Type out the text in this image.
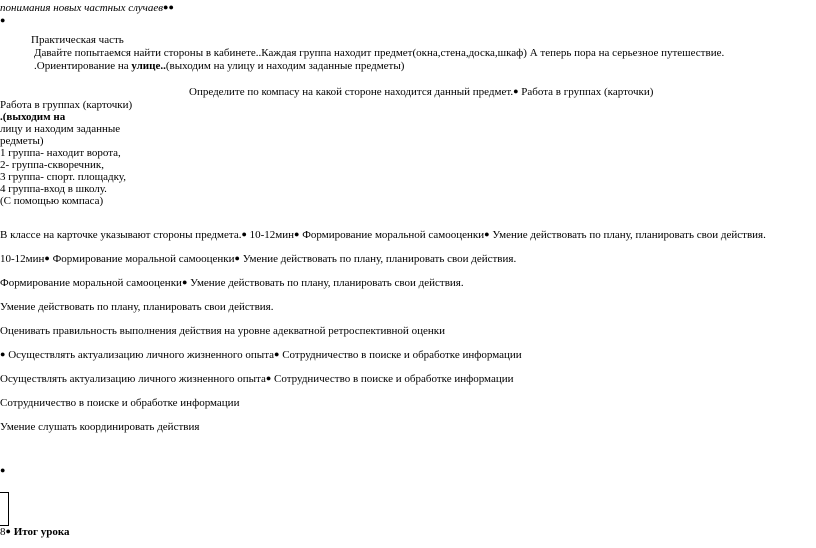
понимания новых частных случаев●●
●
Практическая часть
Давайте попытаемся найти стороны в кабинете..Каждая группа находит предмет(окна,стена,доска,шкаф) А теперь пора на серьезное путешествие.
.Ориентирование на улице..(выходим на улицу и находим заданные предметы)
Определите по компасу на какой стороне находится данный предмет.● Работа в группах (карточки)
Работа в группах (карточки)
.(выходим на
лицу и находим заданные
редметы)
1 группа- находит ворота,
2- группа-скворечник,
3 группа- спорт. площадку,
4 группа-вход в школу.
(С помощью компаса)
В классе на карточке указывают стороны предмета.● 10-12мин● Формирование моральной самооценки● Умение действовать по плану, планировать свои действия.
10-12мин● Формирование моральной самооценки● Умение действовать по плану, планировать свои действия.
Формирование моральной самооценки● Умение действовать по плану, планировать свои действия.
Умение действовать по плану, планировать свои действия.
Оценивать правильность выполнения действия на уровне адекватной ретроспективной оценки
● Осуществлять актуализацию личного жизненного опыта● Сотрудничество в поиске и обработке информации
Осуществлять актуализацию личного жизненного опыта● Сотрудничество в поиске и обработке информации
Сотрудничество в поиске и обработке информации
Умение слушать координировать действия
●
8● Итог урока
